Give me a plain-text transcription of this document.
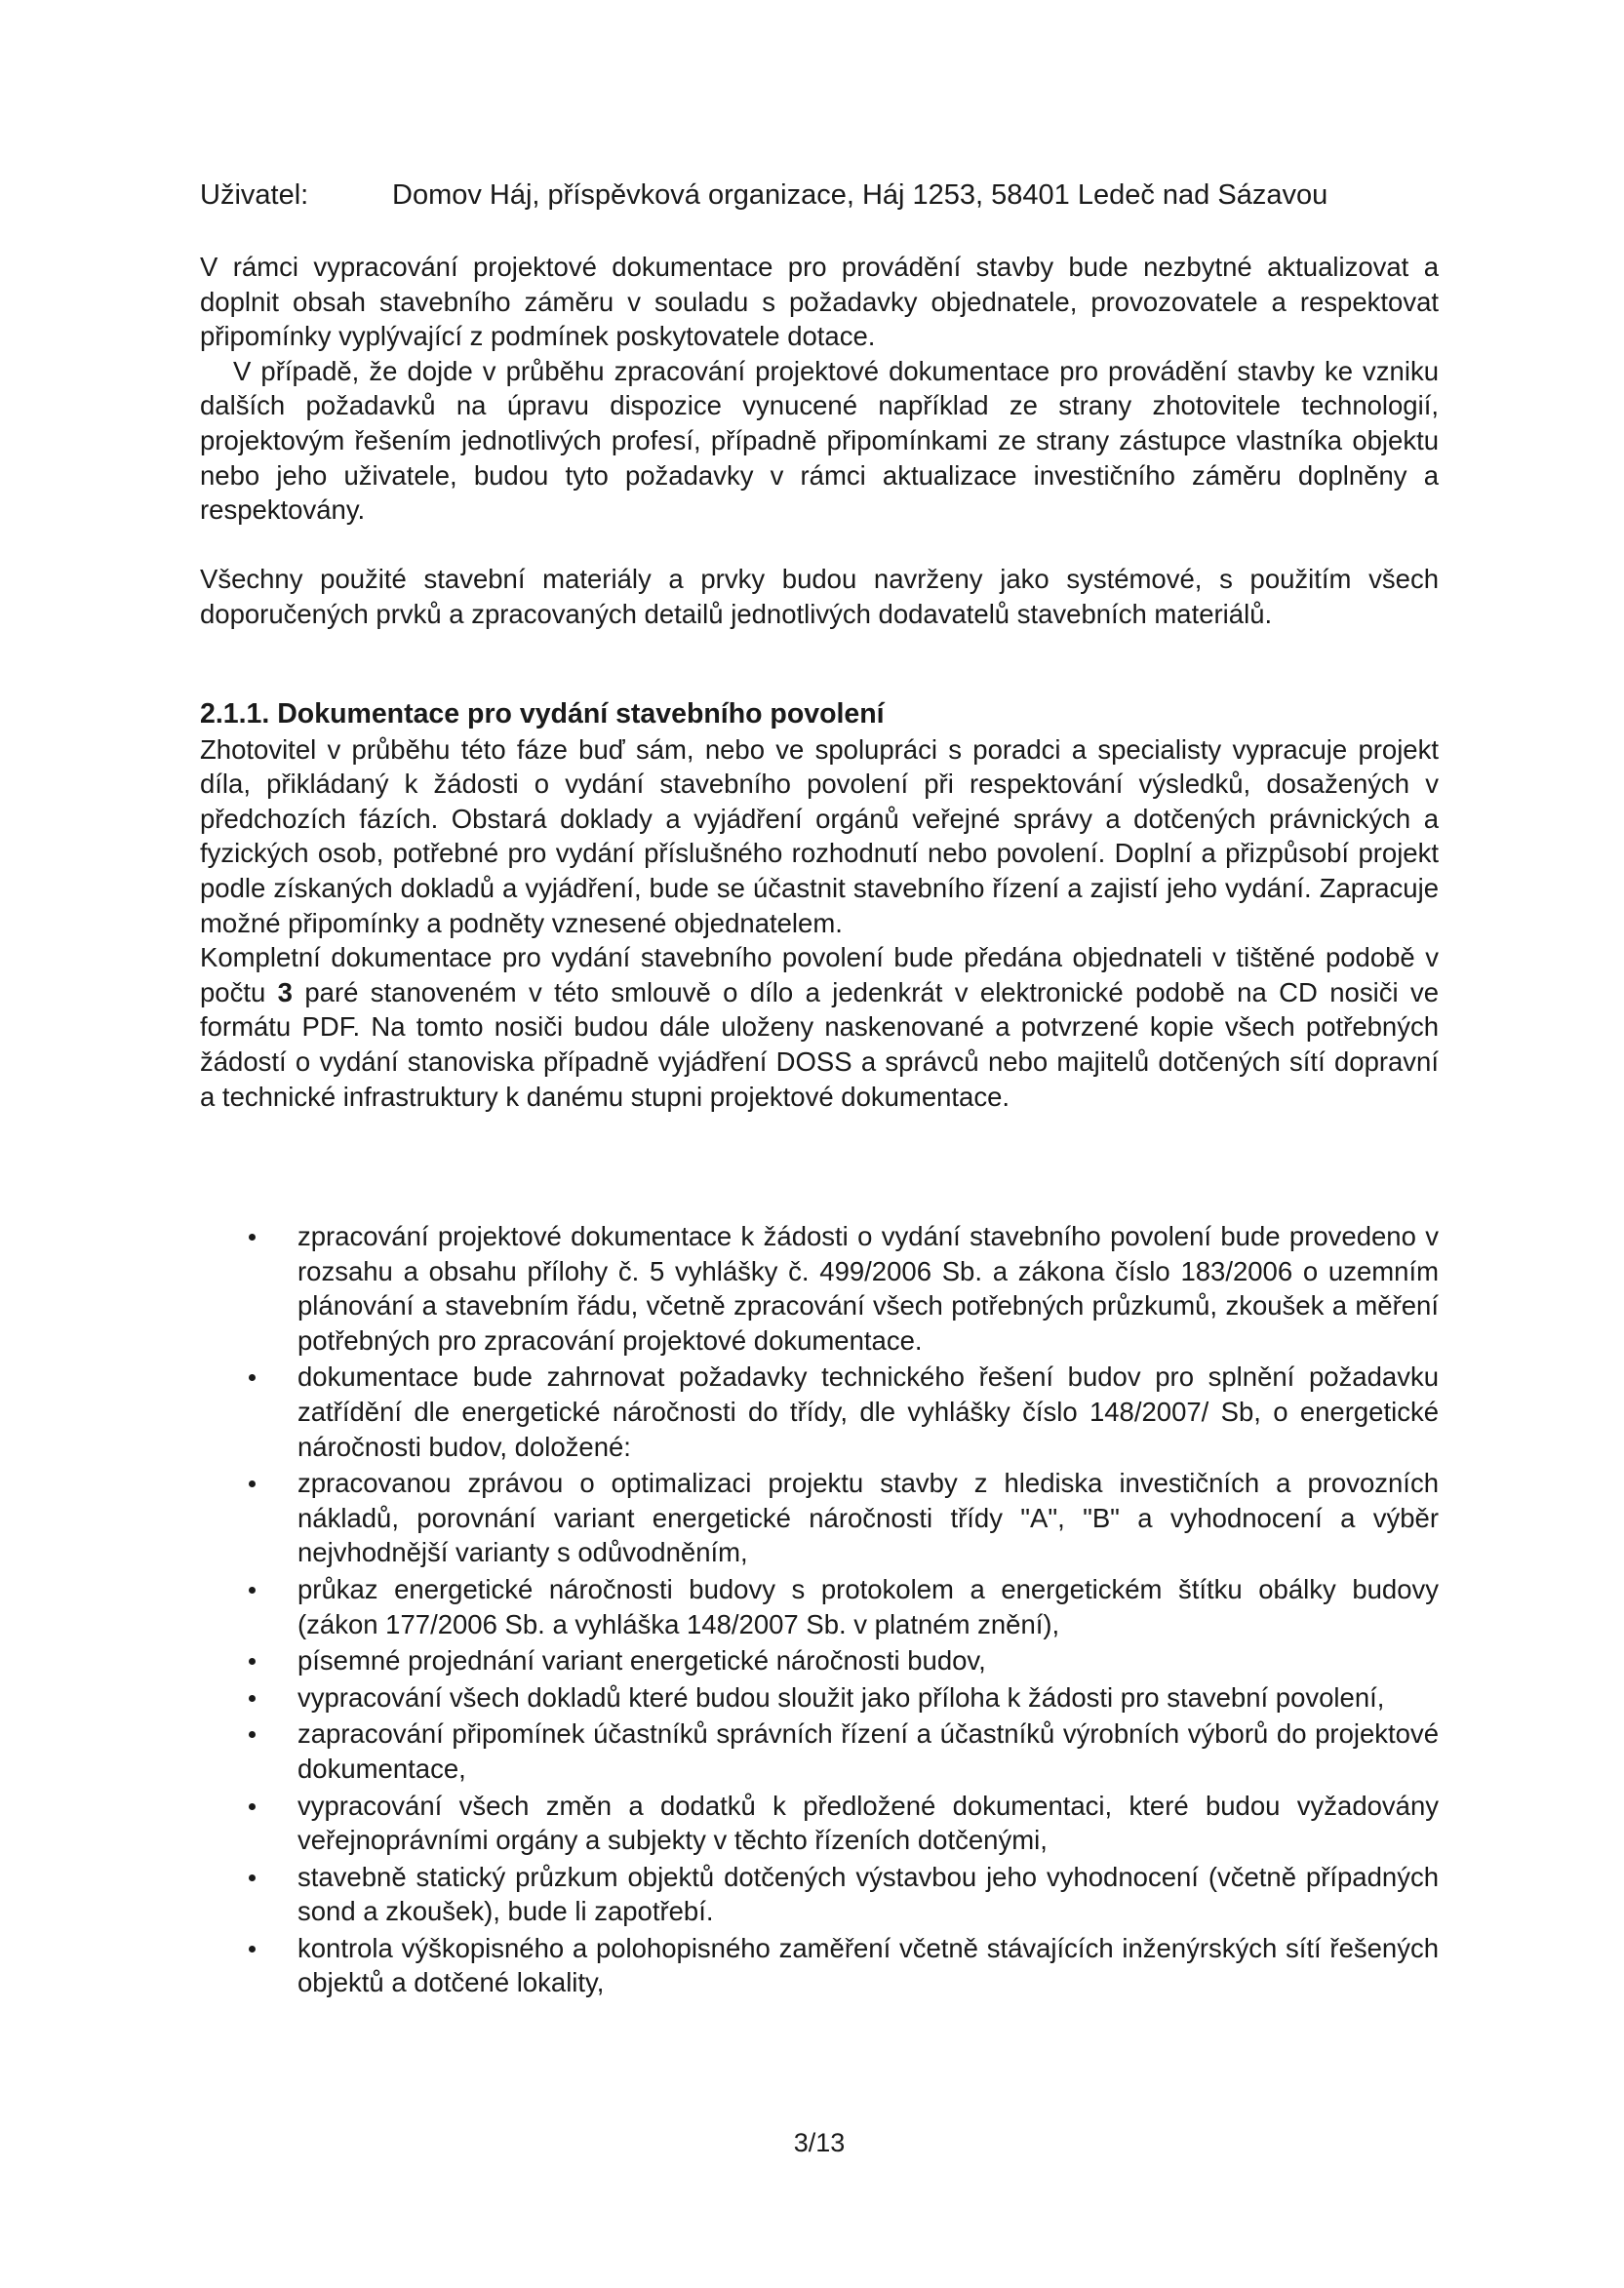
Uživatel:	Domov Háj, příspěvková organizace, Háj 1253, 58401 Ledeč nad Sázavou

V rámci vypracování projektové dokumentace pro provádění stavby bude nezbytné aktualizovat a doplnit obsah stavebního záměru v souladu s požadavky objednatele, provozovatele a respektovat připomínky vyplývající z podmínek poskytovatele dotace.

V případě, že dojde v průběhu zpracování projektové dokumentace pro provádění stavby ke vzniku dalších požadavků na úpravu dispozice vynucené například ze strany zhotovitele technologií, projektovým řešením jednotlivých profesí, případně připomínkami ze strany zástupce vlastníka objektu nebo jeho uživatele, budou tyto požadavky v rámci aktualizace investičního záměru doplněny a respektovány.

Všechny použité stavební materiály a prvky budou navrženy jako systémové, s použitím všech doporučených prvků a zpracovaných detailů jednotlivých dodavatelů stavebních materiálů.

2.1.1. Dokumentace pro vydání stavebního povolení

Zhotovitel v průběhu této fáze buď sám, nebo ve spolupráci s poradci a specialisty vypracuje projekt díla, přikládaný k žádosti o vydání stavebního povolení při respektování výsledků, dosažených v předchozích fázích. Obstará doklady a vyjádření orgánů veřejné správy a dotčených právnických a fyzických osob, potřebné pro vydání příslušného rozhodnutí nebo povolení. Doplní a přizpůsobí projekt podle získaných dokladů a vyjádření, bude se účastnit stavebního řízení a zajistí jeho vydání. Zapracuje možné připomínky a podněty vznesené objednatelem.

Kompletní dokumentace pro vydání stavebního povolení bude předána objednateli v tištěné podobě v počtu 3 paré stanoveném v této smlouvě o dílo a jedenkrát v elektronické podobě na CD nosiči ve formátu PDF. Na tomto nosiči budou dále uloženy naskenované a potvrzené kopie všech potřebných žádostí o vydání stanoviska případně vyjádření DOSS a správců nebo majitelů dotčených sítí dopravní a technické infrastruktury k danému stupni projektové dokumentace.

zpracování projektové dokumentace k žádosti o vydání stavebního povolení bude provedeno v rozsahu a obsahu přílohy č. 5 vyhlášky č. 499/2006 Sb. a zákona číslo 183/2006 o uzemním plánování a stavebním řádu, včetně zpracování všech potřebných průzkumů, zkoušek a měření potřebných pro zpracování projektové dokumentace.
dokumentace bude zahrnovat požadavky technického řešení budov pro splnění požadavku zatřídění dle energetické náročnosti do třídy, dle vyhlášky číslo 148/2007/ Sb, o energetické náročnosti budov, doložené:
zpracovanou zprávou o optimalizaci projektu stavby z hlediska investičních a provozních nákladů, porovnání variant energetické náročnosti třídy "A", "B" a vyhodnocení a výběr nejvhodnější varianty s odůvodněním,
průkaz energetické náročnosti budovy s protokolem a energetickém štítku obálky budovy (zákon 177/2006 Sb. a vyhláška 148/2007 Sb. v platném znění),
písemné projednání variant energetické náročnosti budov,
vypracování všech dokladů které budou sloužit jako příloha k žádosti pro stavební povolení,
zapracování připomínek účastníků správních řízení a účastníků výrobních výborů do projektové dokumentace,
vypracování všech změn a dodatků k předložené dokumentaci, které budou vyžadovány veřejnoprávními orgány a subjekty v těchto řízeních dotčenými,
stavebně statický průzkum objektů dotčených výstavbou jeho vyhodnocení (včetně případných sond a zkoušek), bude li zapotřebí.
kontrola výškopisného a polohopisného zaměření včetně stávajících inženýrských sítí řešených objektů a dotčené lokality,
3/13
